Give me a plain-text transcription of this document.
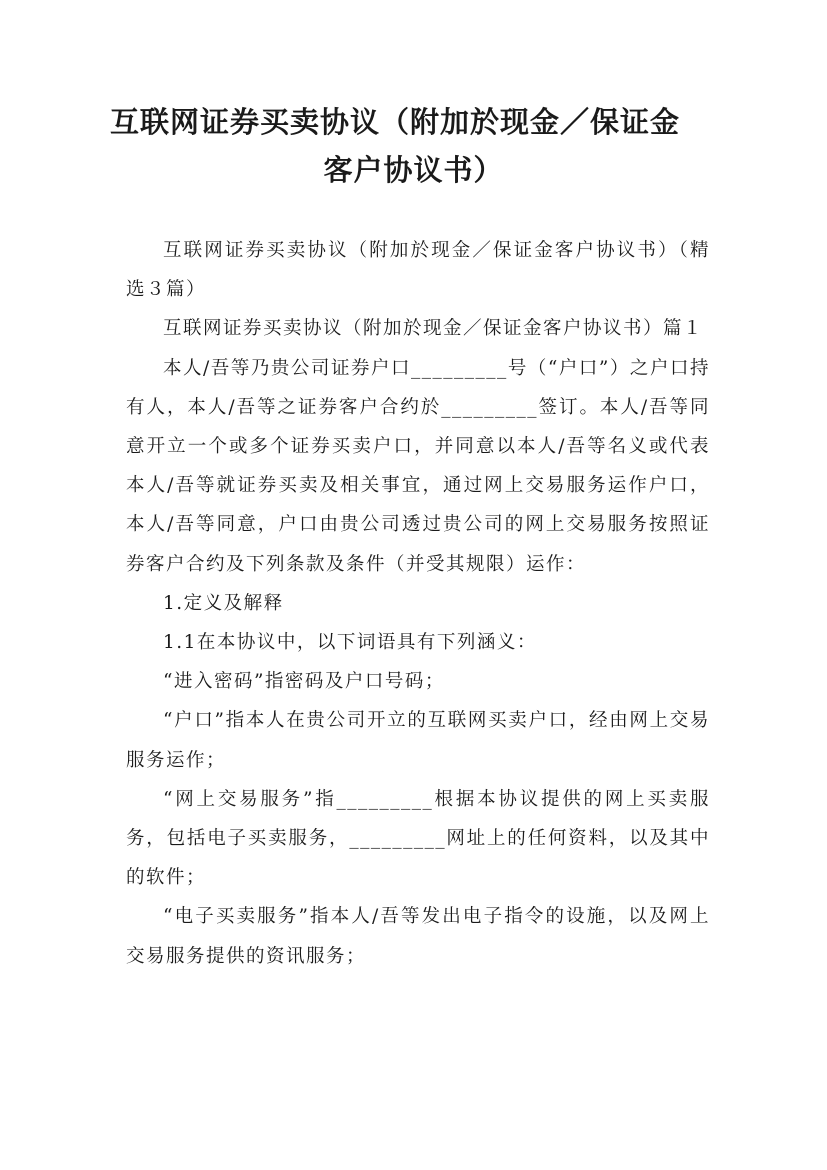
互联网证券买卖协议（附加於现金／保证金
客户协议书）

互联网证券买卖协议（附加於现金／保证金客户协议书）（精选３篇）

互联网证券买卖协议（附加於现金／保证金客户协议书）篇１

本人/吾等乃贵公司证券户口_________号（“户口”）之户口持有人，本人/吾等之证券客户合约於_________签订。本人/吾等同意开立一个或多个证券买卖户口，并同意以本人/吾等名义或代表本人/吾等就证券买卖及相关事宜，通过网上交易服务运作户口，本人/吾等同意，户口由贵公司透过贵公司的网上交易服务按照证券客户合约及下列条款及条件（并受其规限）运作：

1.定义及解释

1.1在本协议中，以下词语具有下列涵义：

“进入密码”指密码及户口号码；

“户口”指本人在贵公司开立的互联网买卖户口，经由网上交易服务运作；

“网上交易服务”指_________根据本协议提供的网上买卖服务，包括电子买卖服务，_________网址上的任何资料，以及其中的软件；

“电子买卖服务”指本人/吾等发出电子指令的设施，以及网上交易服务提供的资讯服务；
